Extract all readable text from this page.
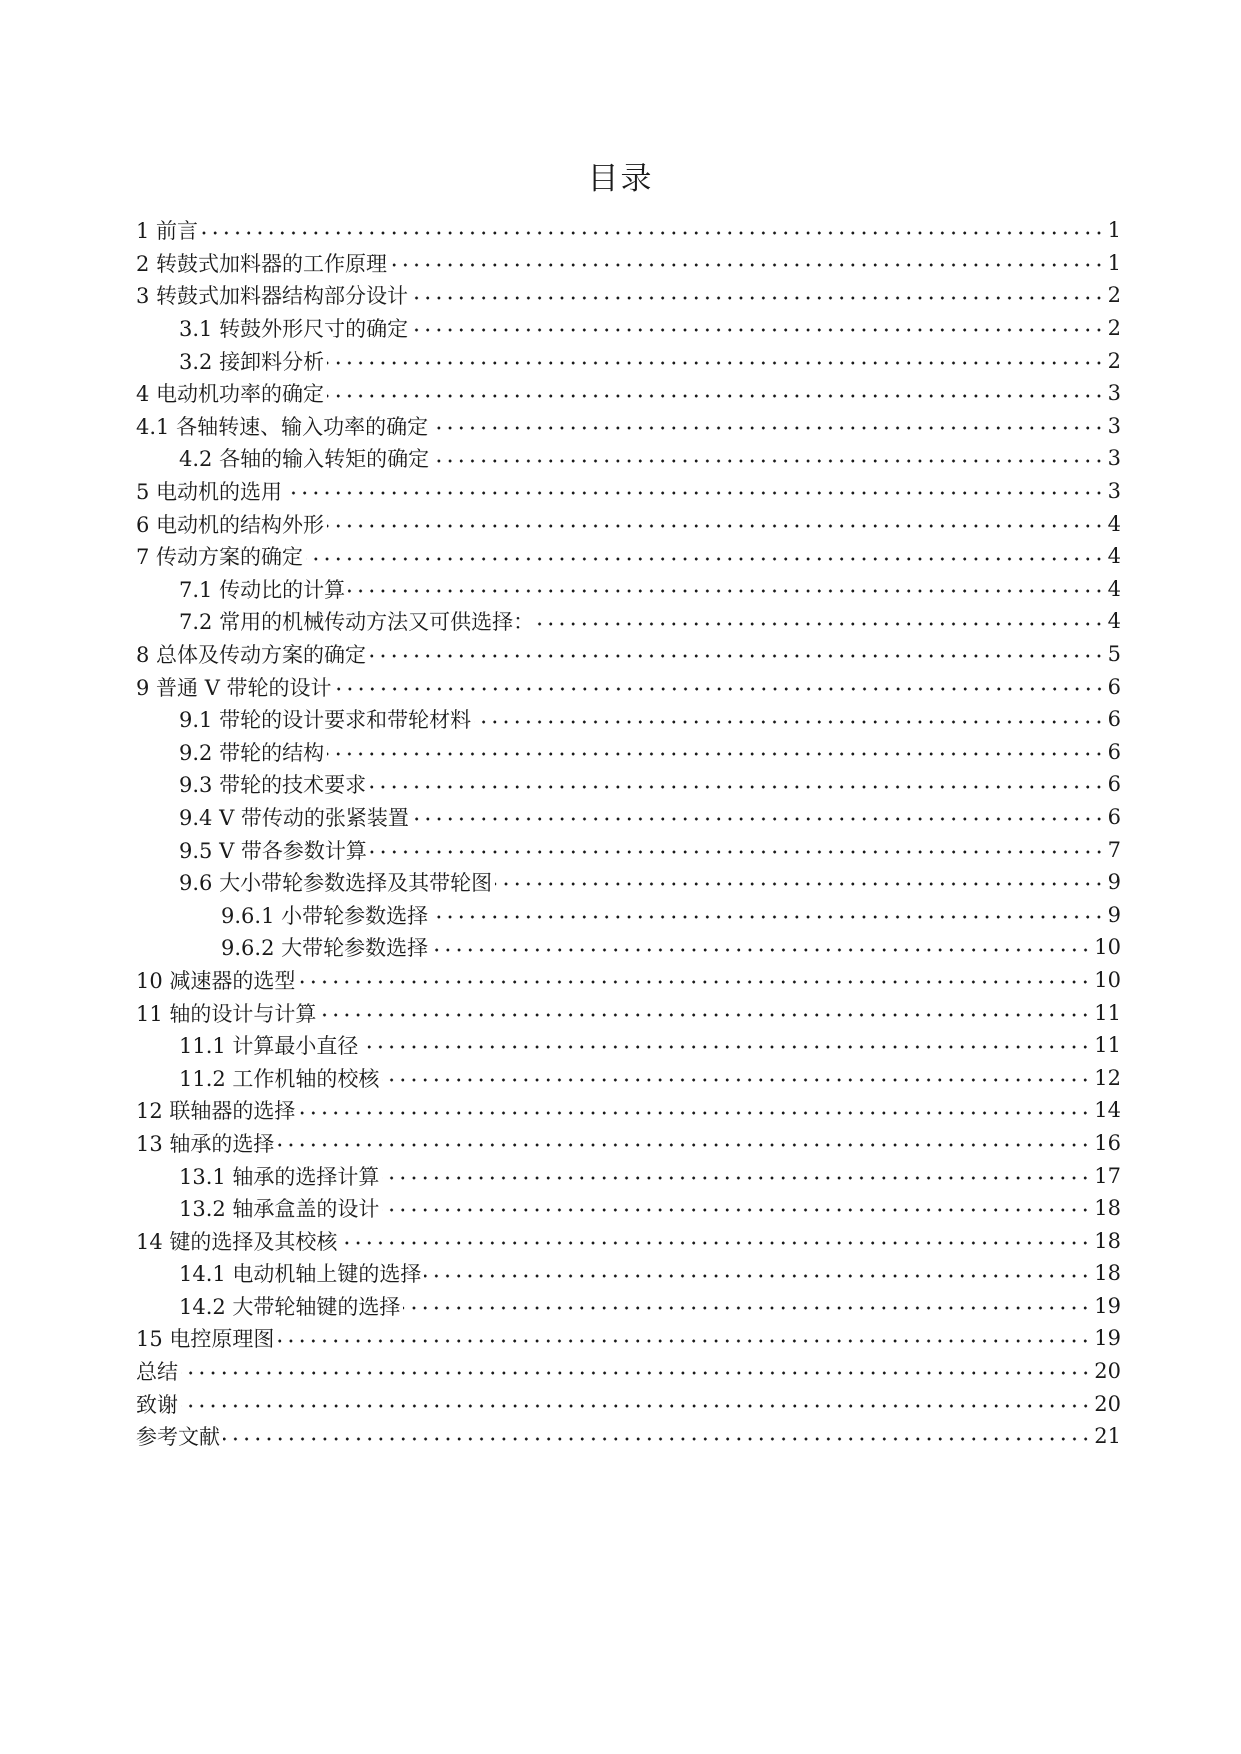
目录
1 前言	1
2 转鼓式加料器的工作原理	1
3 转鼓式加料器结构部分设计	2
3.1 转鼓外形尺寸的确定	2
3.2 接卸料分析	2
4 电动机功率的确定	3
4.1 各轴转速、输入功率的确定	3
4.2 各轴的输入转矩的确定	3
5 电动机的选用	3
6 电动机的结构外形	4
7 传动方案的确定	4
7.1 传动比的计算	4
7.2 常用的机械传动方法又可供选择：	4
8 总体及传动方案的确定	5
9 普通 V 带轮的设计	6
9.1 带轮的设计要求和带轮材料	6
9.2 带轮的结构	6
9.3 带轮的技术要求	6
9.4 V 带传动的张紧装置	6
9.5 V 带各参数计算	7
9.6 大小带轮参数选择及其带轮图	9
9.6.1 小带轮参数选择	9
9.6.2 大带轮参数选择	10
10 减速器的选型	10
11 轴的设计与计算	11
11.1 计算最小直径	11
11.2 工作机轴的校核	12
12 联轴器的选择	14
13 轴承的选择	16
13.1 轴承的选择计算	17
13.2 轴承盒盖的设计	18
14 键的选择及其校核	18
14.1 电动机轴上键的选择	18
14.2 大带轮轴键的选择	19
15 电控原理图	19
总结	20
致谢	20
参考文献	21
